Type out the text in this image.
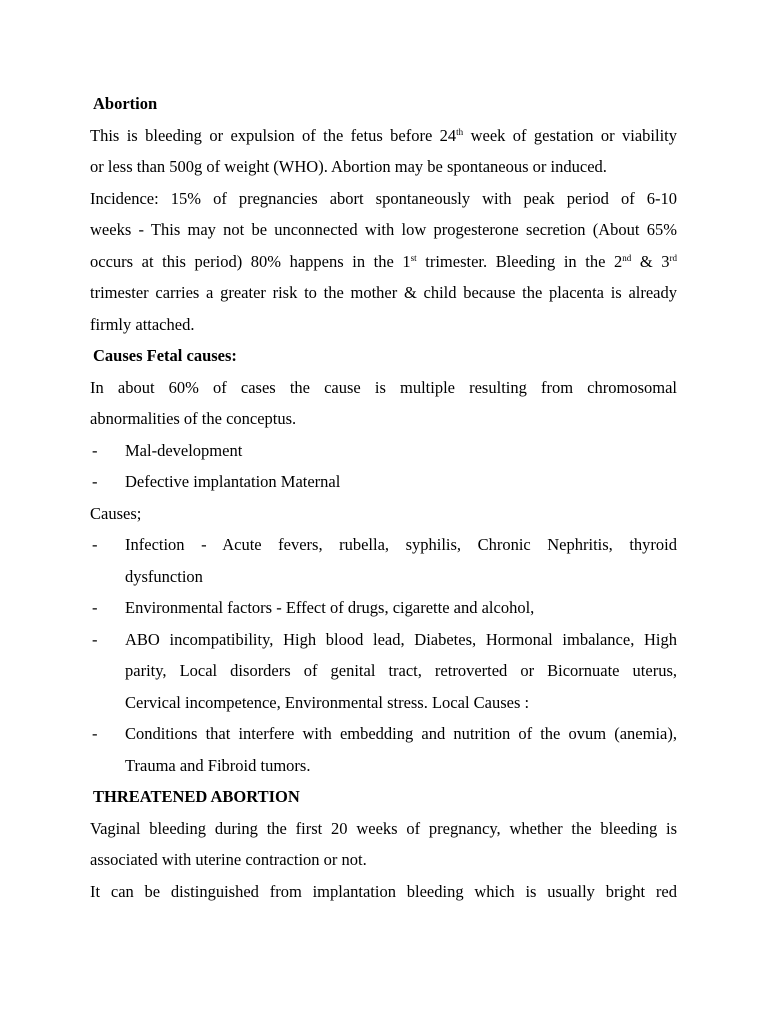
Abortion
This is bleeding or expulsion of the fetus before 24th week of gestation or viability
or less than 500g of weight (WHO). Abortion may be spontaneous or induced.
Incidence: 15% of pregnancies abort spontaneously with peak period of 6-10
weeks - This may not be unconnected with low progesterone secretion (About 65%
occurs at this period) 80% happens in the 1st trimester. Bleeding in the 2nd & 3rd
trimester carries a greater risk to the mother & child because the placenta is already
firmly attached.
Causes Fetal causes:
In about 60% of cases the cause is multiple resulting from chromosomal
abnormalities of the conceptus.
- Mal-development
- Defective implantation Maternal
Causes;
- Infection - Acute fevers, rubella, syphilis, Chronic Nephritis, thyroid
dysfunction
- Environmental factors - Effect of drugs, cigarette and alcohol,
- ABO incompatibility, High blood lead, Diabetes, Hormonal imbalance, High
parity, Local disorders of genital tract, retroverted or Bicornuate uterus,
Cervical incompetence, Environmental stress. Local Causes :
- Conditions that interfere with embedding and nutrition of the ovum (anemia),
Trauma and Fibroid tumors.
THREATENED ABORTION
Vaginal bleeding during the first 20 weeks of pregnancy, whether the bleeding is
associated with uterine contraction or not.
It can be distinguished from implantation bleeding which is usually bright red
